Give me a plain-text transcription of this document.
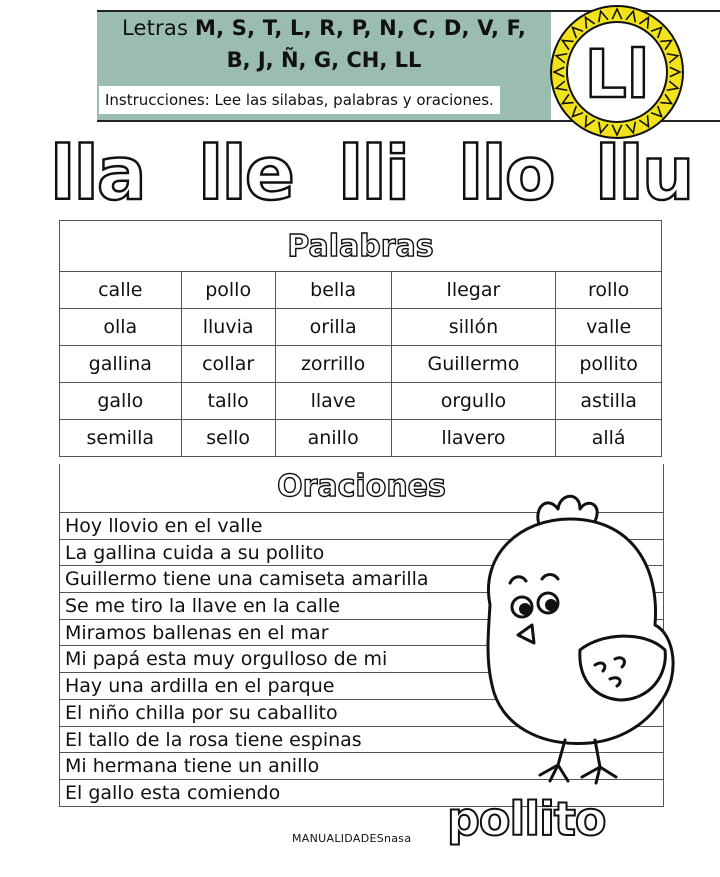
Letras M, S, T, L, R, P, N, C, D, V, F,
B, J, Ñ, G, CH, LL
Instrucciones: Lee las silabas, palabras y oraciones. Ll
lla lle lli llo llu
Palabras				
calle	pollo	bella	llegar	rollo
olla	lluvia	orilla	sillón	valle
gallina	collar	zorrillo	Guillermo	pollito
gallo	tallo	llave	orgullo	astilla
semilla	sello	anillo	llavero	allá
Oraciones
Hoy llovio en el valle
La gallina cuida a su pollito
Guillermo tiene una camiseta amarilla
Se me tiro la llave en la calle
Miramos ballenas en el mar
Mi papá esta muy orgulloso de mi
Hay una ardilla en el parque
El niño chilla por su caballito
El tallo de la rosa tiene espinas
Mi hermana tiene un anillo
El gallo esta comiendo	pollito
MANUALIDADESnasa
